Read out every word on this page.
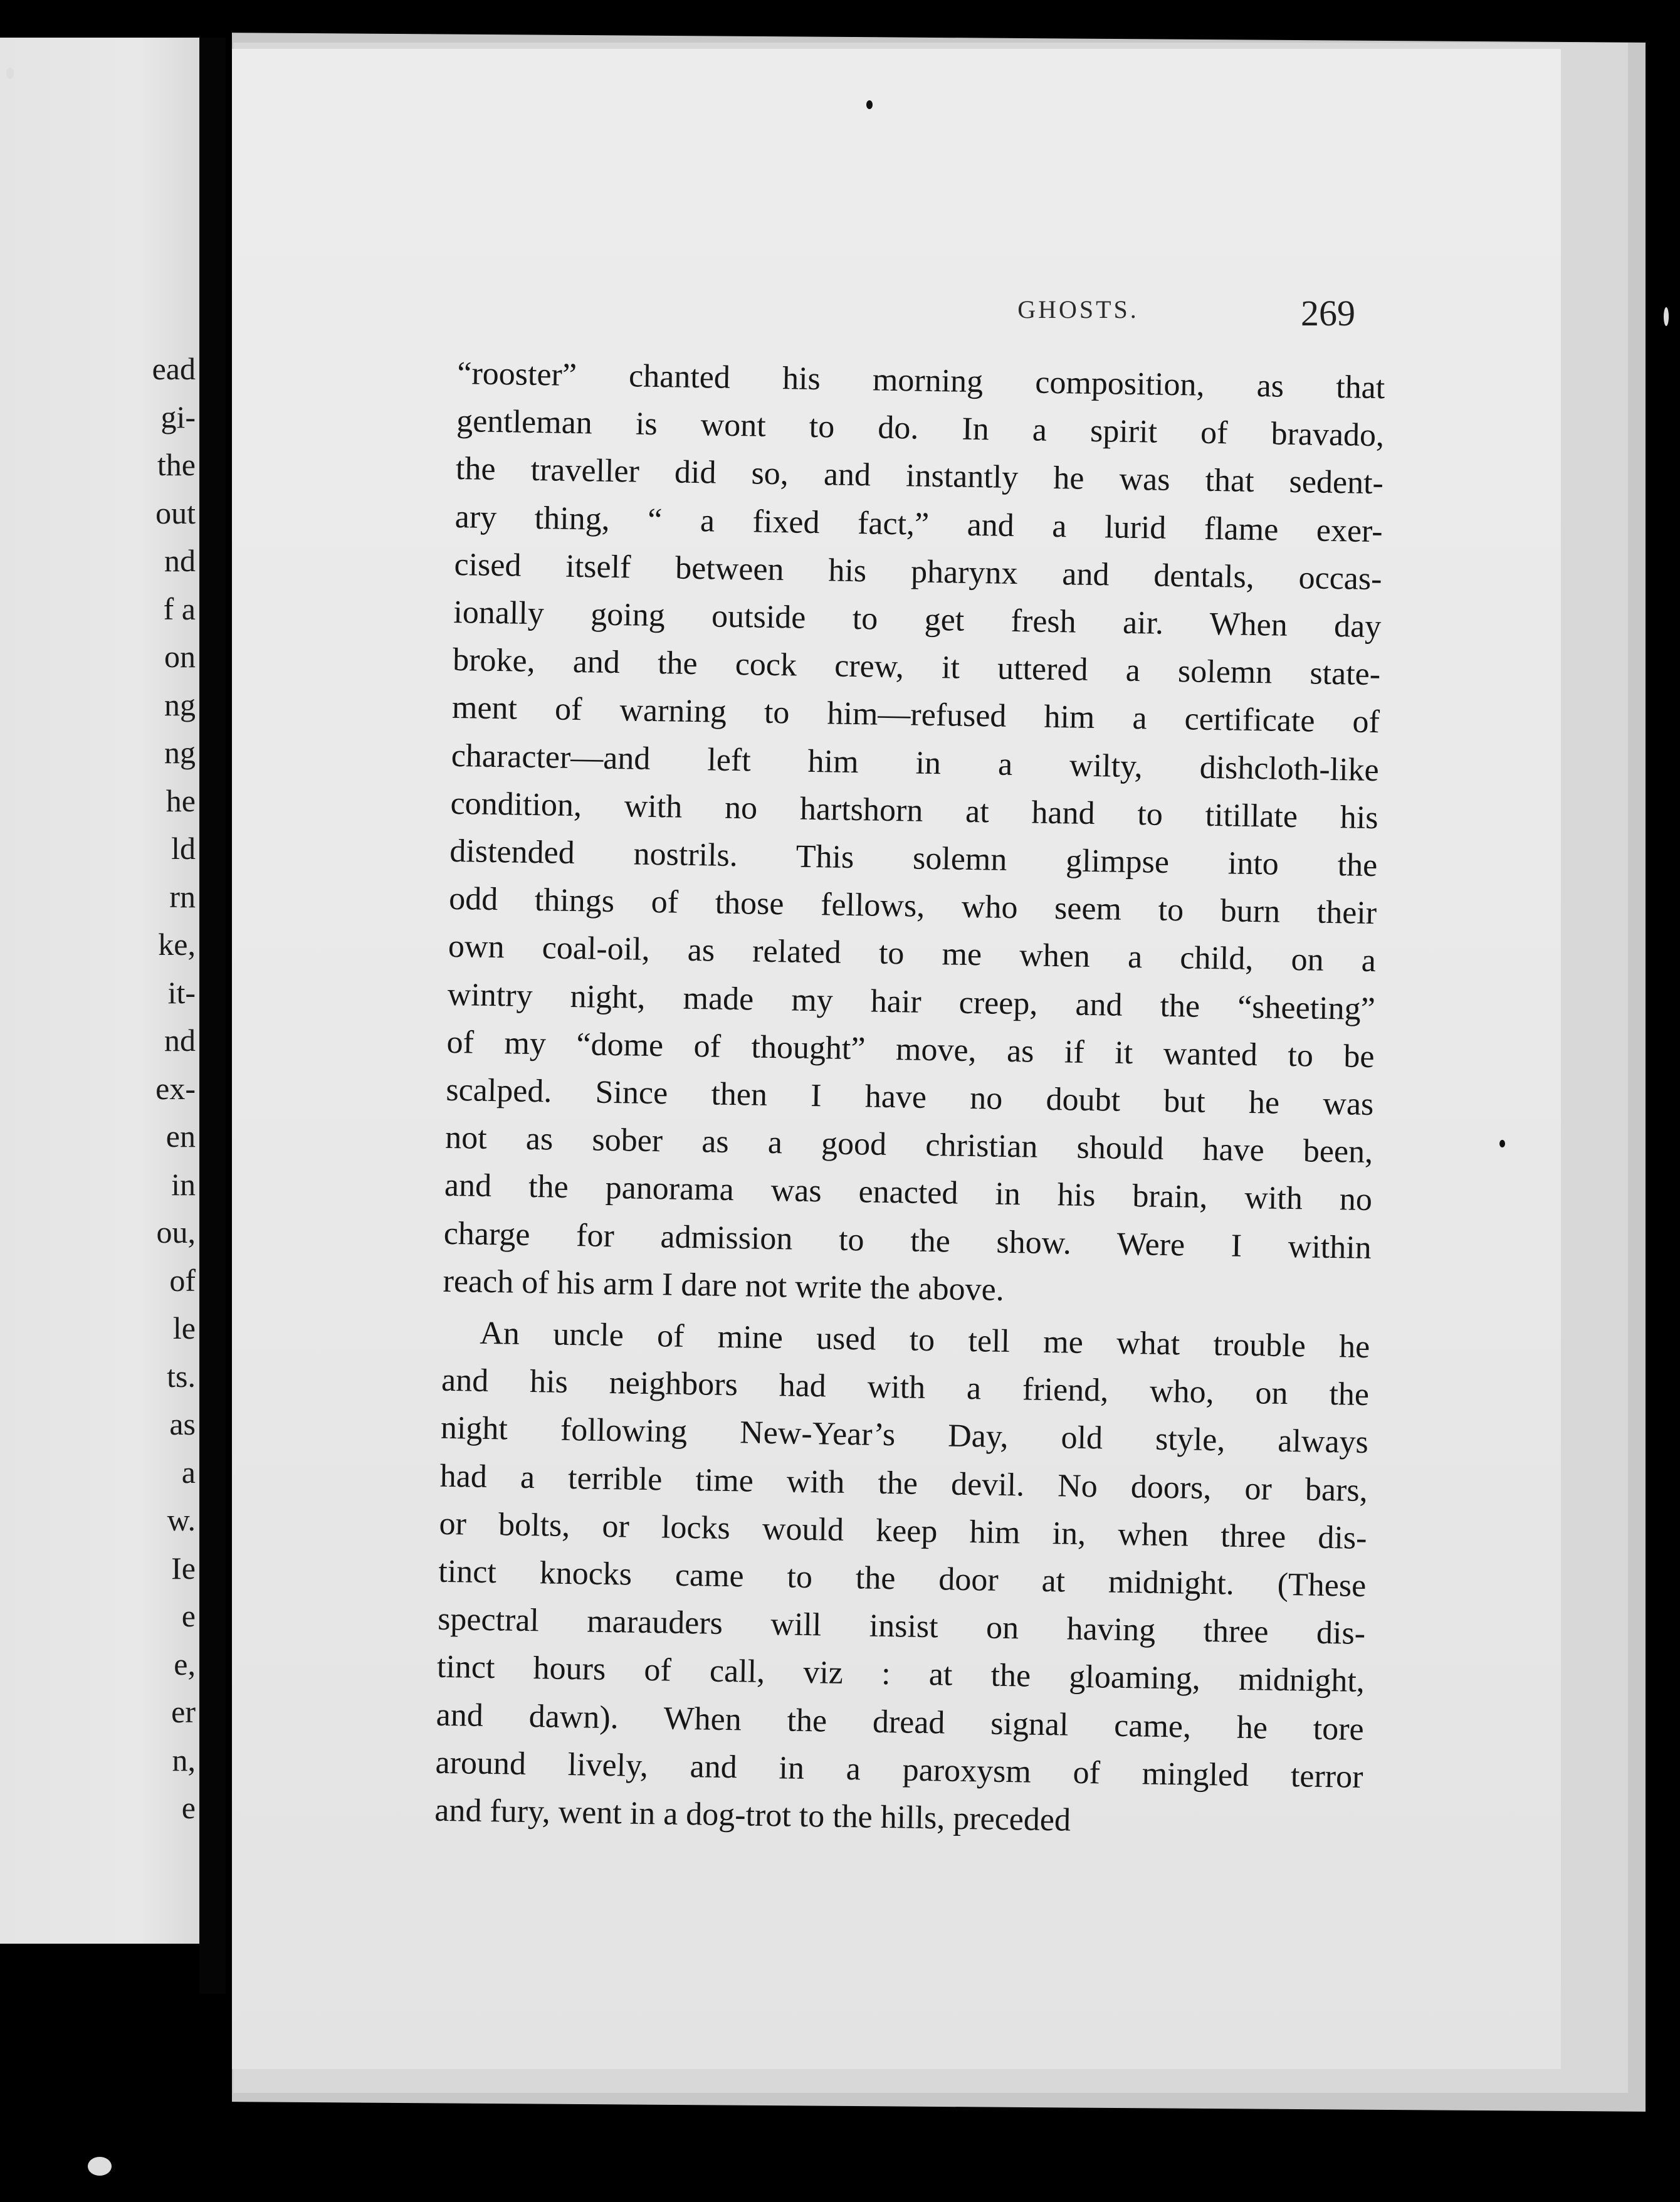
ead
gi-
the
out
nd
f a
on
ng
ng
he
ld
rn
ke,
it-
nd
ex-
en
in
ou,
of
le
ts.
as
a
w.
Ie
e
e,
er
n,
e
GHOSTS.	269
“rooster” chanted his morning composition, as that
gentleman is wont to do. In a spirit of bravado,
the traveller did so, and instantly he was that sedent-
ary thing, “ a fixed fact,” and a lurid flame exer-
cised itself between his pharynx and dentals, occas-
ionally going outside to get fresh air. When day
broke, and the cock crew, it uttered a solemn state-
ment of warning to him—refused him a certificate of
character—and left him in a wilty, dishcloth-like
condition, with no hartshorn at hand to titillate his
distended nostrils. This solemn glimpse into the
odd things of those fellows, who seem to burn their
own coal-oil, as related to me when a child, on a
wintry night, made my hair creep, and the “sheeting”
of my “dome of thought” move, as if it wanted to be
scalped. Since then I have no doubt but he was
not as sober as a good christian should have been,
and the panorama was enacted in his brain, with no
charge for admission to the show. Were I within
reach of his arm I dare not write the above.
An uncle of mine used to tell me what trouble he
and his neighbors had with a friend, who, on the
night following New-Year’s Day, old style, always
had a terrible time with the devil. No doors, or bars,
or bolts, or locks would keep him in, when three dis-
tinct knocks came to the door at midnight. (These
spectral marauders will insist on having three dis-
tinct hours of call, viz : at the gloaming, midnight,
and dawn). When the dread signal came, he tore
around lively, and in a paroxysm of mingled terror
and fury, went in a dog-trot to the hills, preceded
